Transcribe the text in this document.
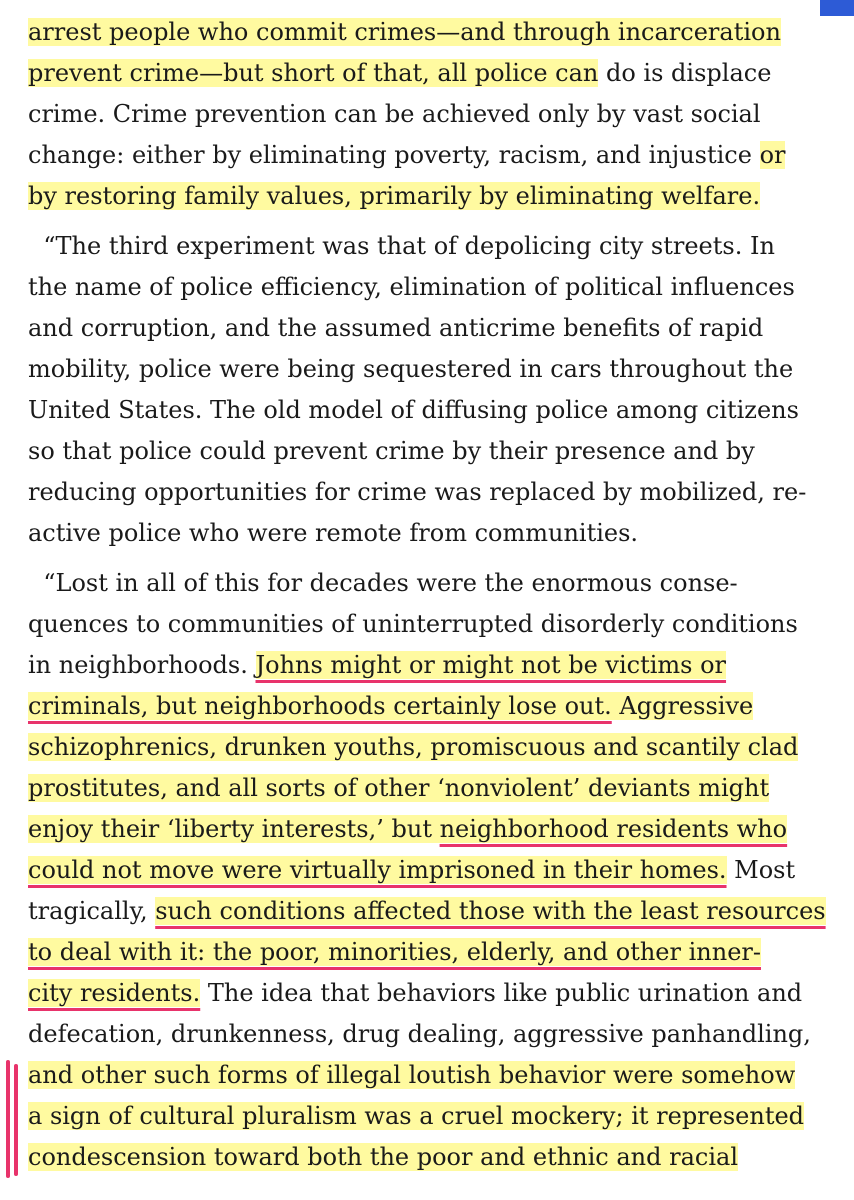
arrest people who commit crimes—and through incarceration
prevent crime—but short of that, all police can do is displace
crime. Crime prevention can be achieved only by vast social
change: either by eliminating poverty, racism, and injustice or
by restoring family values, primarily by eliminating welfare.
“The third experiment was that of depolicing city streets. In
the name of police efficiency, elimination of political influences
and corruption, and the assumed anticrime benefits of rapid
mobility, police were being sequestered in cars throughout the
United States. The old model of diffusing police among citizens
so that police could prevent crime by their presence and by
reducing opportunities for crime was replaced by mobilized, re-
active police who were remote from communities.
“Lost in all of this for decades were the enormous conse-
quences to communities of uninterrupted disorderly conditions
in neighborhoods. Johns might or might not be victims or
criminals, but neighborhoods certainly lose out. Aggressive
schizophrenics, drunken youths, promiscuous and scantily clad
prostitutes, and all sorts of other ‘nonviolent’ deviants might
enjoy their ‘liberty interests,’ but neighborhood residents who
could not move were virtually imprisoned in their homes. Most
tragically, such conditions affected those with the least resources
to deal with it: the poor, minorities, elderly, and other inner-
city residents. The idea that behaviors like public urination and
defecation, drunkenness, drug dealing, aggressive panhandling,
and other such forms of illegal loutish behavior were somehow
a sign of cultural pluralism was a cruel mockery; it represented
condescension toward both the poor and ethnic and racial
